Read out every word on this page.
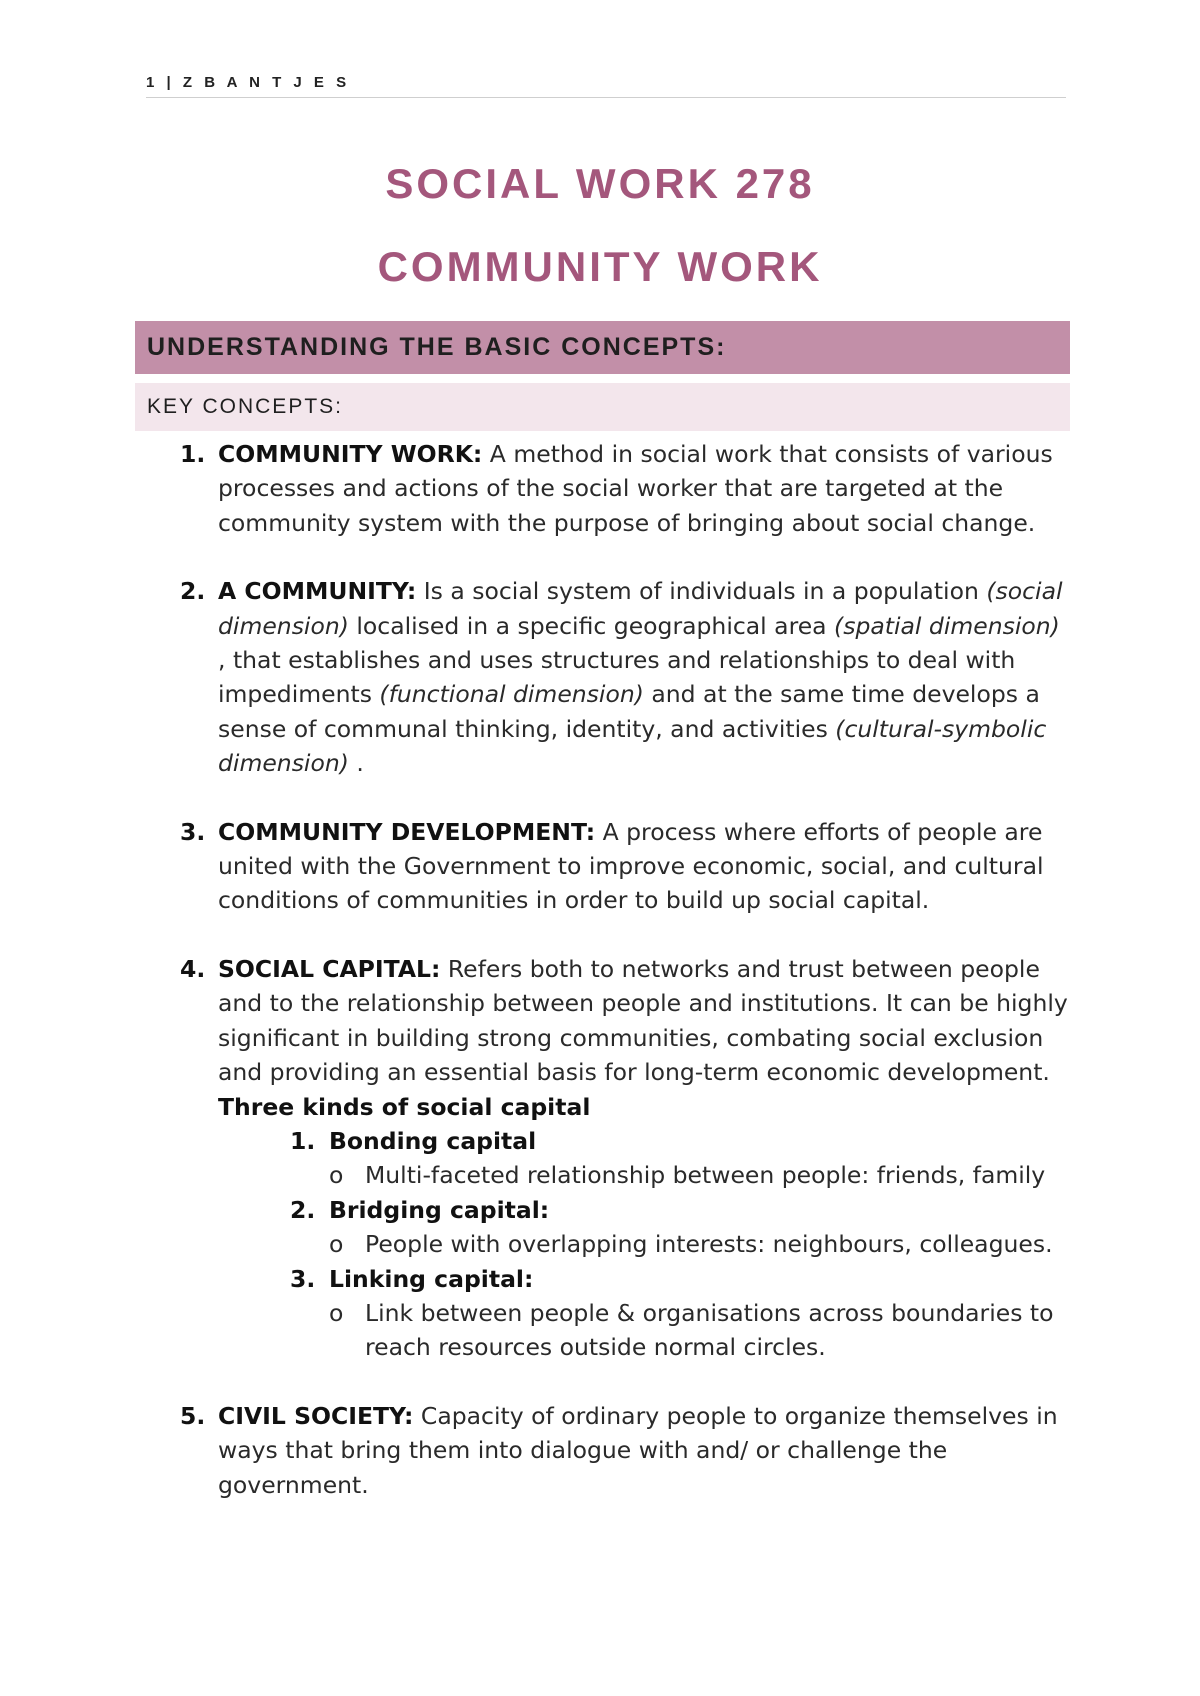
1 | Z B A N T J E S
SOCIAL WORK 278
COMMUNITY WORK
UNDERSTANDING THE BASIC CONCEPTS:
KEY CONCEPTS:
1. COMMUNITY WORK: A method in social work that consists of various processes and actions of the social worker that are targeted at the community system with the purpose of bringing about social change.
2. A COMMUNITY: Is a social system of individuals in a population (social dimension) localised in a specific geographical area (spatial dimension) , that establishes and uses structures and relationships to deal with impediments (functional dimension) and at the same time develops a sense of communal thinking, identity, and activities (cultural-symbolic dimension) .
3. COMMUNITY DEVELOPMENT: A process where efforts of people are united with the Government to improve economic, social, and cultural conditions of communities in order to build up social capital.
4. SOCIAL CAPITAL: Refers both to networks and trust between people and to the relationship between people and institutions. It can be highly significant in building strong communities, combating social exclusion and providing an essential basis for long-term economic development.
Three kinds of social capital
1. Bonding capital
o Multi-faceted relationship between people: friends, family
2. Bridging capital:
o People with overlapping interests: neighbours, colleagues.
3. Linking capital:
o Link between people & organisations across boundaries to reach resources outside normal circles.
5. CIVIL SOCIETY: Capacity of ordinary people to organize themselves in ways that bring them into dialogue with and/ or challenge the government.
